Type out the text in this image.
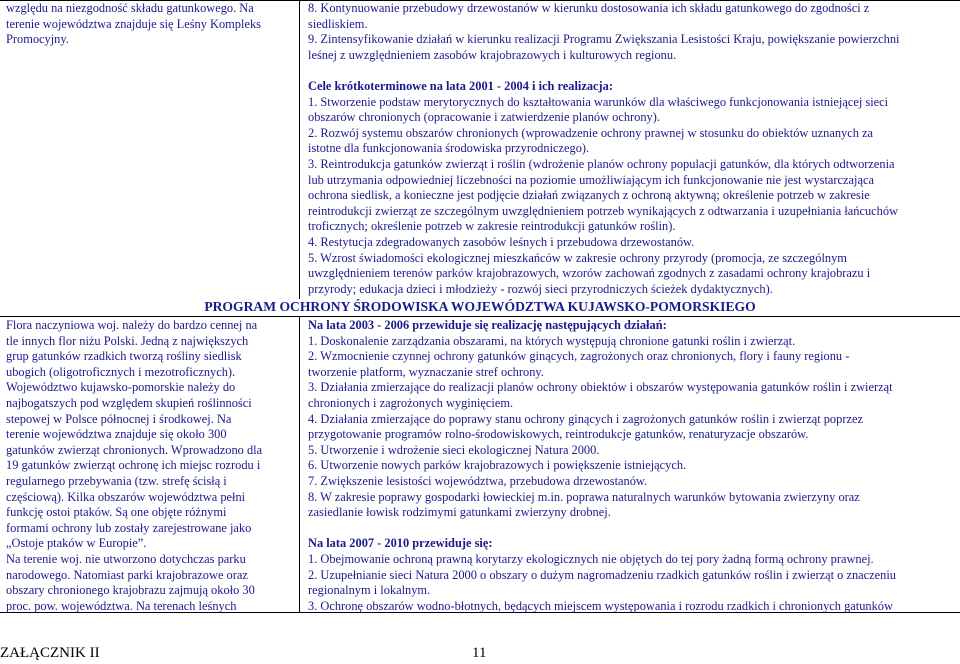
względu na niezgodność składu gatunkowego. Na

terenie województwa znajduje się Leśny Kompleks

Promocyjny.

8. Kontynuowanie przebudowy drzewostanów w kierunku dostosowania ich składu gatunkowego do zgodności z

siedliskiem.

9. Zintensyfikowanie działań w kierunku realizacji Programu Zwiększania Lesistości Kraju, powiększanie powierzchni

leśnej z uwzględnieniem zasobów krajobrazowych i kulturowych regionu.

Cele krótkoterminowe na lata 2001 - 2004 i ich realizacja:

1. Stworzenie podstaw merytorycznych do kształtowania warunków dla właściwego funkcjonowania istniejącej sieci

obszarów chronionych (opracowanie i zatwierdzenie planów ochrony).

2. Rozwój systemu obszarów chronionych (wprowadzenie ochrony prawnej w stosunku do obiektów uznanych za

istotne dla funkcjonowania środowiska przyrodniczego).

3. Reintrodukcja gatunków zwierząt i roślin (wdrożenie planów ochrony populacji gatunków, dla których odtworzenia

lub utrzymania odpowiedniej liczebności na poziomie umożliwiającym ich funkcjonowanie nie jest wystarczająca

ochrona siedlisk, a konieczne jest podjęcie działań związanych z ochroną aktywną; określenie potrzeb w zakresie

reintrodukcji zwierząt ze szczególnym uwzględnieniem potrzeb wynikających z odtwarzania i uzupełniania łańcuchów

troficznych; określenie potrzeb w zakresie reintrodukcji gatunków roślin).

4. Restytucja zdegradowanych zasobów leśnych i przebudowa drzewostanów.

5. Wzrost świadomości ekologicznej mieszkańców w zakresie ochrony przyrody (promocja, ze szczególnym

uwzględnieniem terenów parków krajobrazowych, wzorów zachowań zgodnych z zasadami ochrony krajobrazu i

przyrody; edukacja dzieci i młodzieży - rozwój sieci przyrodniczych ścieżek dydaktycznych).

PROGRAM OCHRONY ŚRODOWISKA WOJEWÓDZTWA KUJAWSKO-POMORSKIEGO

Flora naczyniowa woj. należy do bardzo cennej na

tle innych flor niżu Polski. Jedną z największych

grup gatunków rzadkich tworzą rośliny siedlisk

ubogich (oligotroficznych i mezotroficznych).

Województwo kujawsko-pomorskie należy do

najbogatszych pod względem skupień roślinności

stepowej w Polsce północnej i środkowej. Na

terenie województwa znajduje się około 300

gatunków zwierząt chronionych. Wprowadzono dla

19 gatunków zwierząt ochronę ich miejsc rozrodu i

regularnego przebywania (tzw. strefę ścisłą i

częściową). Kilka obszarów województwa pełni

funkcję ostoi ptaków. Są one objęte różnymi

formami ochrony lub zostały zarejestrowane jako

„Ostoje ptaków w Europie”.

Na terenie woj. nie utworzono dotychczas parku

narodowego. Natomiast parki krajobrazowe oraz

obszary chronionego krajobrazu zajmują około 30

proc. pow. województwa. Na terenach leśnych

Na lata 2003 - 2006 przewiduje się realizację następujących działań:

1. Doskonalenie zarządzania obszarami, na których występują chronione gatunki roślin i zwierząt.

2. Wzmocnienie czynnej ochrony gatunków ginących, zagrożonych oraz chronionych, flory i fauny regionu -

tworzenie platform, wyznaczanie stref ochrony.

3. Działania zmierzające do realizacji planów ochrony obiektów i obszarów występowania gatunków roślin i zwierząt

chronionych i zagrożonych wyginięciem.

4. Działania zmierzające do poprawy stanu ochrony ginących i zagrożonych gatunków roślin i zwierząt poprzez

przygotowanie programów rolno-środowiskowych, reintrodukcje gatunków, renaturyzacje obszarów.

5. Utworzenie i wdrożenie sieci ekologicznej Natura 2000.

6. Utworzenie nowych parków krajobrazowych i powiększenie istniejących.

7. Zwiększenie lesistości województwa, przebudowa drzewostanów.

8. W zakresie poprawy gospodarki łowieckiej m.in. poprawa naturalnych warunków bytowania zwierzyny oraz

zasiedlanie łowisk rodzimymi gatunkami zwierzyny drobnej.

Na lata 2007 - 2010 przewiduje się:

1. Obejmowanie ochroną prawną korytarzy ekologicznych nie objętych do tej pory żadną formą ochrony prawnej.

2. Uzupełnianie sieci Natura 2000 o obszary o dużym nagromadzeniu rzadkich gatunków roślin i zwierząt o znaczeniu

regionalnym i lokalnym.

3. Ochronę obszarów wodno-błotnych, będących miejscem występowania i rozrodu rzadkich i chronionych gatunków

ZAŁĄCZNIK II	11
